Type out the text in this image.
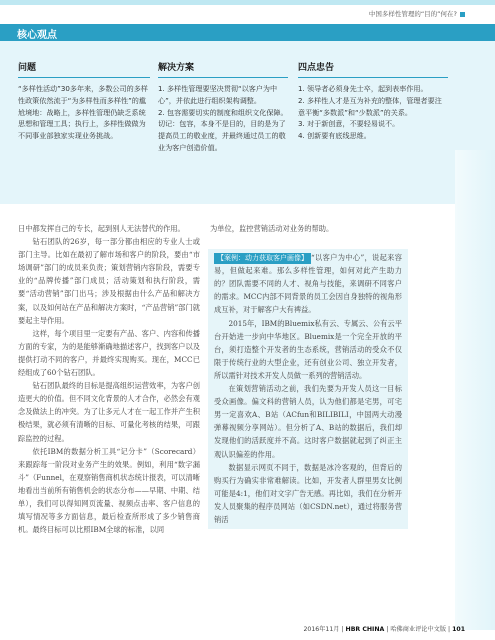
中国多样性管理的“目的”何在?
核心观点
问题

“多样性活动”30多年来，多数公司的多样性政策依然流于“为多样性而多样性”的尴尬境地：战略上，多样性管理仍缺乏系统思想和管理工具；执行上，多样性做做为不同事业部独家实现业务挑战。

解决方案

1. 多样性管理要坚决贯彻“以客户为中心”，并依此进行组织架构调整。
2. 包容需要切实的制度和组织文化保障。切记：包容，本身不是目的，目的是为了提高员工的敬业度，并最终通过员工的敬业为客户创造价值。

四点忠告

1. 领导者必须身先士卒，起到表率作用。
2. 多样性人才是互为补充的整体，管理者要注意平衡“多数派”和“少数派”的关系。
3. 对于新创意，不要轻易说不。
4. 创新要有底线思维。

日中都发挥自己的专长，起到别人无法替代的作用。

钻石团队的26岁，每一部分都由相应的专业人士或部门主导。比如在最初了解市场和客户的阶段，要由“市场调研”部门的成员来负责；策划营销内容阶段，需要专业的“品牌传播”部门成员；活动策划和执行阶段，需要“活动营销”部门出马；涉及根据由什么产品和解决方案，以及如何站在产品和解决方案时，“产品营销”部门就要起主导作用。

这样，每个项目里一定要有产品、客户、内容和传播方面的专家，为的是能够渐确地描述客户，找到客户以及提供打动不同的客户，并最终实现购买。现在，MCC已经组成了60个钻石团队。

钻石团队最终的目标是提高组织运营效率，为客户创造更大的价值。但不同文化背景的人才合作，必然会有观念及做法上的冲突。为了让多元人才在一起工作并产生积极结果，就必须有清晰的目标、可量化考核的结果，可跟踪监控的过程。

依托IBM的数据分析工具“记分卡”（Scorecard）来跟踪每一阶段对业务产生的效果。例如，利用“数字漏斗”（Funnel，在观察销售商机状态统计报表，可以清晰地看出当前所有销售机会的状态分布——早期、中期、结单），我们可以得知网页流量、视频点击率、客户信息的填写情况等多方面信息，最后检查所形成了多少销售商机。最终目标可以比照IBM全球的标准，以同

为单位，监控营销活动对业务的帮助。

【案例：动力获取客户画像】 “以客户为中心”，说起来容易，但做起来难。那么多样性管理，如何对此产生助力的？团队需要不同的人才、视角与技能，来调研不同客户的需求。MCC内部不同背景的员工会因自身独特的视角形成互补，对于解客户大有裨益。

2015年，IBM的Bluemix私有云、专属云、公有云平台开始进一步向中华地区。Bluemix是一个完全开放的平台，须打造整个开发者的生态系统，营销活动的受众不仅限于传统行业的大型企业，还有创业公司、独立开发者，所以需针对技术开发人员做一系列的营销活动。

在策划营销活动之前，我们先要为开发人员这一目标受众画像。偏文科的营销人员，认为他们都是宅男，可宅男一定喜欢A、B站（ACfun和BILIBILI，中国两大动漫弹幕视频分享网站）。但分析了A、B站的数据后，我们却发现他们的活跃度并不高。这时客户数据就起到了纠正主观认识偏差的作用。

数据显示网页不同于，数据是冰冷客观的，但背后的购买行为确实非常难解读。比如，开发者人群里男女比例可能是4:1，他们对文字广告无感。再比如，我们在分析开发人员聚集的程序员网站（如CSDN.net），通过将服务营销活

2016年11月 | HBR CHINA | 哈佛商业评论中文版 | 101
